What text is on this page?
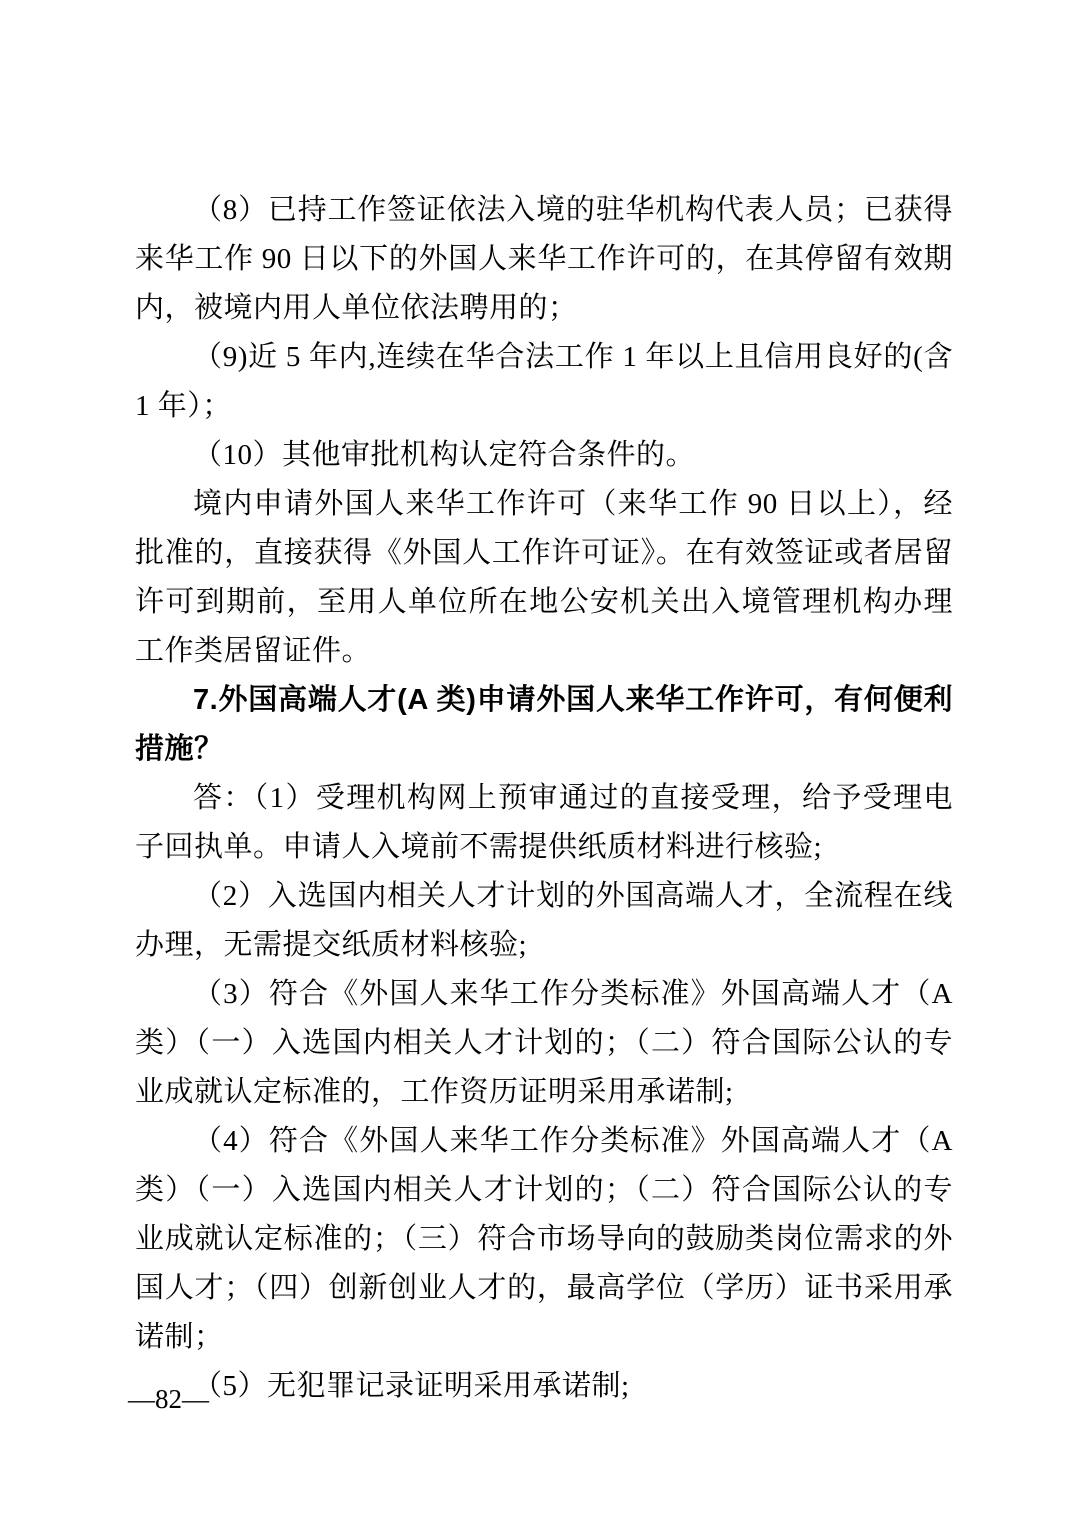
（8）已持工作签证依法入境的驻华机构代表人员；已获得来华工作 90 日以下的外国人来华工作许可的，在其停留有效期内，被境内用人单位依法聘用的；

（9)近 5 年内,连续在华合法工作 1 年以上且信用良好的(含 1 年）；

（10）其他审批机构认定符合条件的。

境内申请外国人来华工作许可（来华工作 90 日以上），经批准的，直接获得《外国人工作许可证》。在有效签证或者居留许可到期前，至用人单位所在地公安机关出入境管理机构办理工作类居留证件。

7.外国高端人才(A 类)申请外国人来华工作许可，有何便利措施？

答：（1）受理机构网上预审通过的直接受理，给予受理电子回执单。申请人入境前不需提供纸质材料进行核验;

（2）入选国内相关人才计划的外国高端人才，全流程在线办理，无需提交纸质材料核验;

（3）符合《外国人来华工作分类标准》外国高端人才（A 类）（一）入选国内相关人才计划的；（二）符合国际公认的专业成就认定标准的，工作资历证明采用承诺制;

（4）符合《外国人来华工作分类标准》外国高端人才（A 类）（一）入选国内相关人才计划的；（二）符合国际公认的专业成就认定标准的；（三）符合市场导向的鼓励类岗位需求的外国人才；（四）创新创业人才的，最高学位（学历）证书采用承诺制；

（5）无犯罪记录证明采用承诺制;

—82—
